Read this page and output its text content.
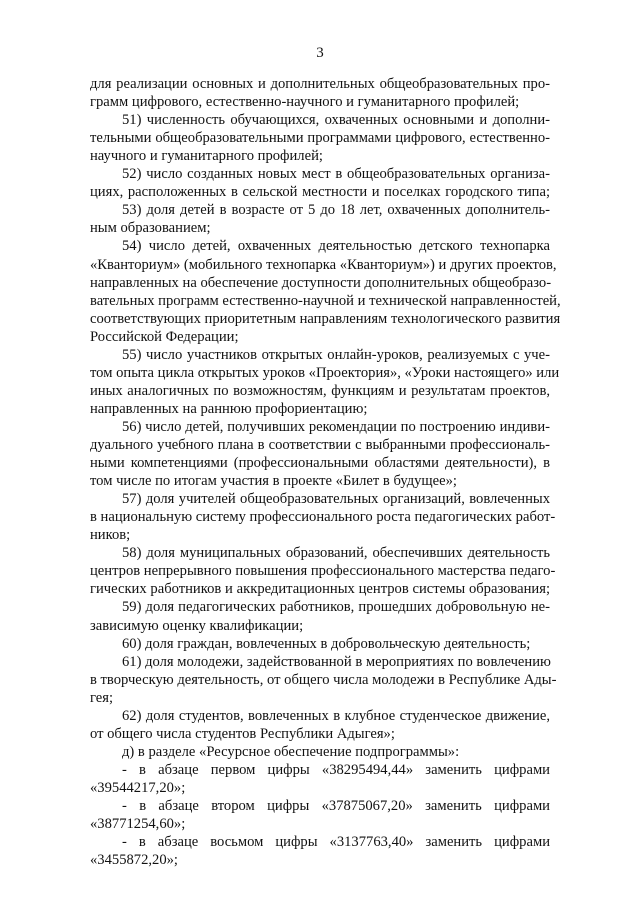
3
для реализации основных и дополнительных общеобразовательных про-
грамм цифрового, естественно-научного и гуманитарного профилей;
51) численность обучающихся, охваченных основными и дополни-
тельными общеобразовательными программами цифрового, естественно-
научного и гуманитарного профилей;
52) число созданных новых мест в общеобразовательных организа-
циях, расположенных в сельской местности и поселках городского типа;
53) доля детей в возрасте от 5 до 18 лет, охваченных дополнитель-
ным образованием;
54) число детей, охваченных деятельностью детского технопарка
«Кванториум» (мобильного технопарка «Кванториум») и других проектов,
направленных на обеспечение доступности дополнительных общеобразо-
вательных программ естественно-научной и технической направленностей,
соответствующих приоритетным направлениям технологического развития
Российской Федерации;
55) число участников открытых онлайн-уроков, реализуемых с уче-
том опыта цикла открытых уроков «Проектория», «Уроки настоящего» или
иных аналогичных по возможностям, функциям и результатам проектов,
направленных на раннюю профориентацию;
56) число детей, получивших рекомендации по построению индиви-
дуального учебного плана в соответствии с выбранными профессиональ-
ными компетенциями (профессиональными областями деятельности), в
том числе по итогам участия в проекте «Билет в будущее»;
57) доля учителей общеобразовательных организаций, вовлеченных
в национальную систему профессионального роста педагогических работ-
ников;
58) доля муниципальных образований, обеспечивших деятельность
центров непрерывного повышения профессионального мастерства педаго-
гических работников и аккредитационных центров системы образования;
59) доля педагогических работников, прошедших добровольную не-
зависимую оценку квалификации;
60) доля граждан, вовлеченных в добровольческую деятельность;
61) доля молодежи, задействованной в мероприятиях по вовлечению
в творческую деятельность, от общего числа молодежи в Республике Ады-
гея;
62) доля студентов, вовлеченных в клубное студенческое движение,
от общего числа студентов Республики Адыгея»;
д) в разделе «Ресурсное обеспечение подпрограммы»:
- в абзаце первом цифры «38295494,44» заменить цифрами
«39544217,20»;
- в абзаце втором цифры «37875067,20» заменить цифрами
«38771254,60»;
- в абзаце восьмом цифры «3137763,40» заменить цифрами
«3455872,20»;
